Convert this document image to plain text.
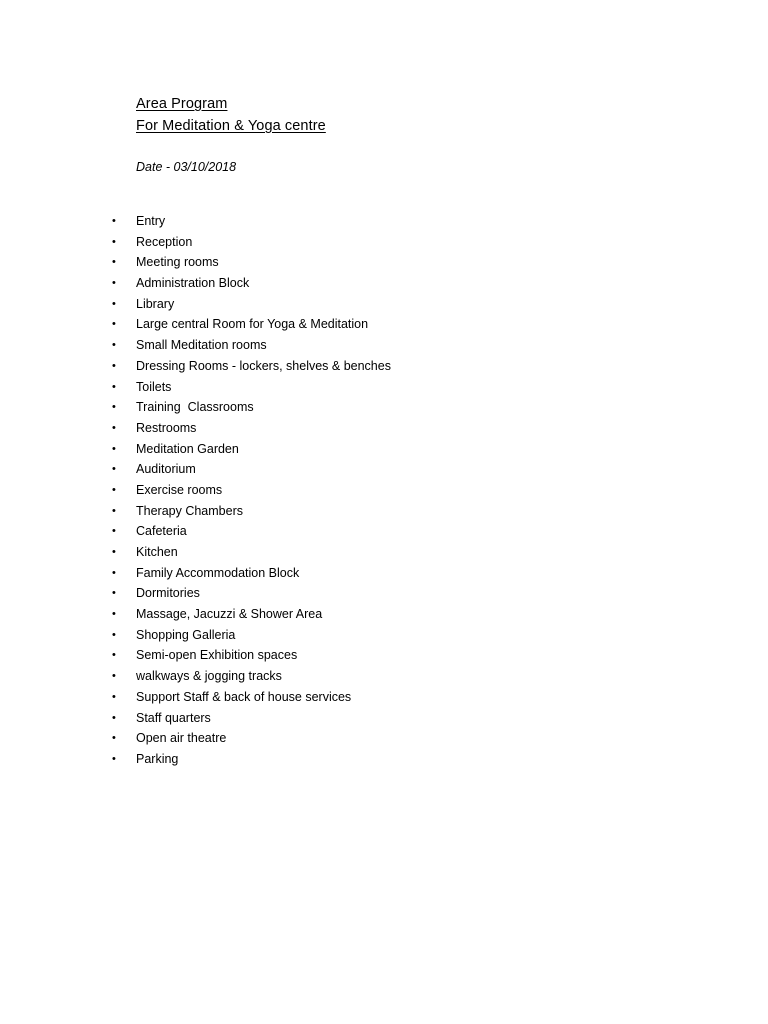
Area Program
For Meditation & Yoga centre
Date - 03/10/2018
• Entry
• Reception
• Meeting rooms
• Administration Block
• Library
• Large central Room for Yoga & Meditation
• Small Meditation rooms
• Dressing Rooms - lockers, shelves & benches
• Toilets
• Training  Classrooms
• Restrooms
• Meditation Garden
• Auditorium
• Exercise rooms
• Therapy Chambers
• Cafeteria
• Kitchen
• Family Accommodation Block
• Dormitories
• Massage, Jacuzzi & Shower Area
• Shopping Galleria
• Semi-open Exhibition spaces
• walkways & jogging tracks
• Support Staff & back of house services
• Staff quarters
• Open air theatre
• Parking
